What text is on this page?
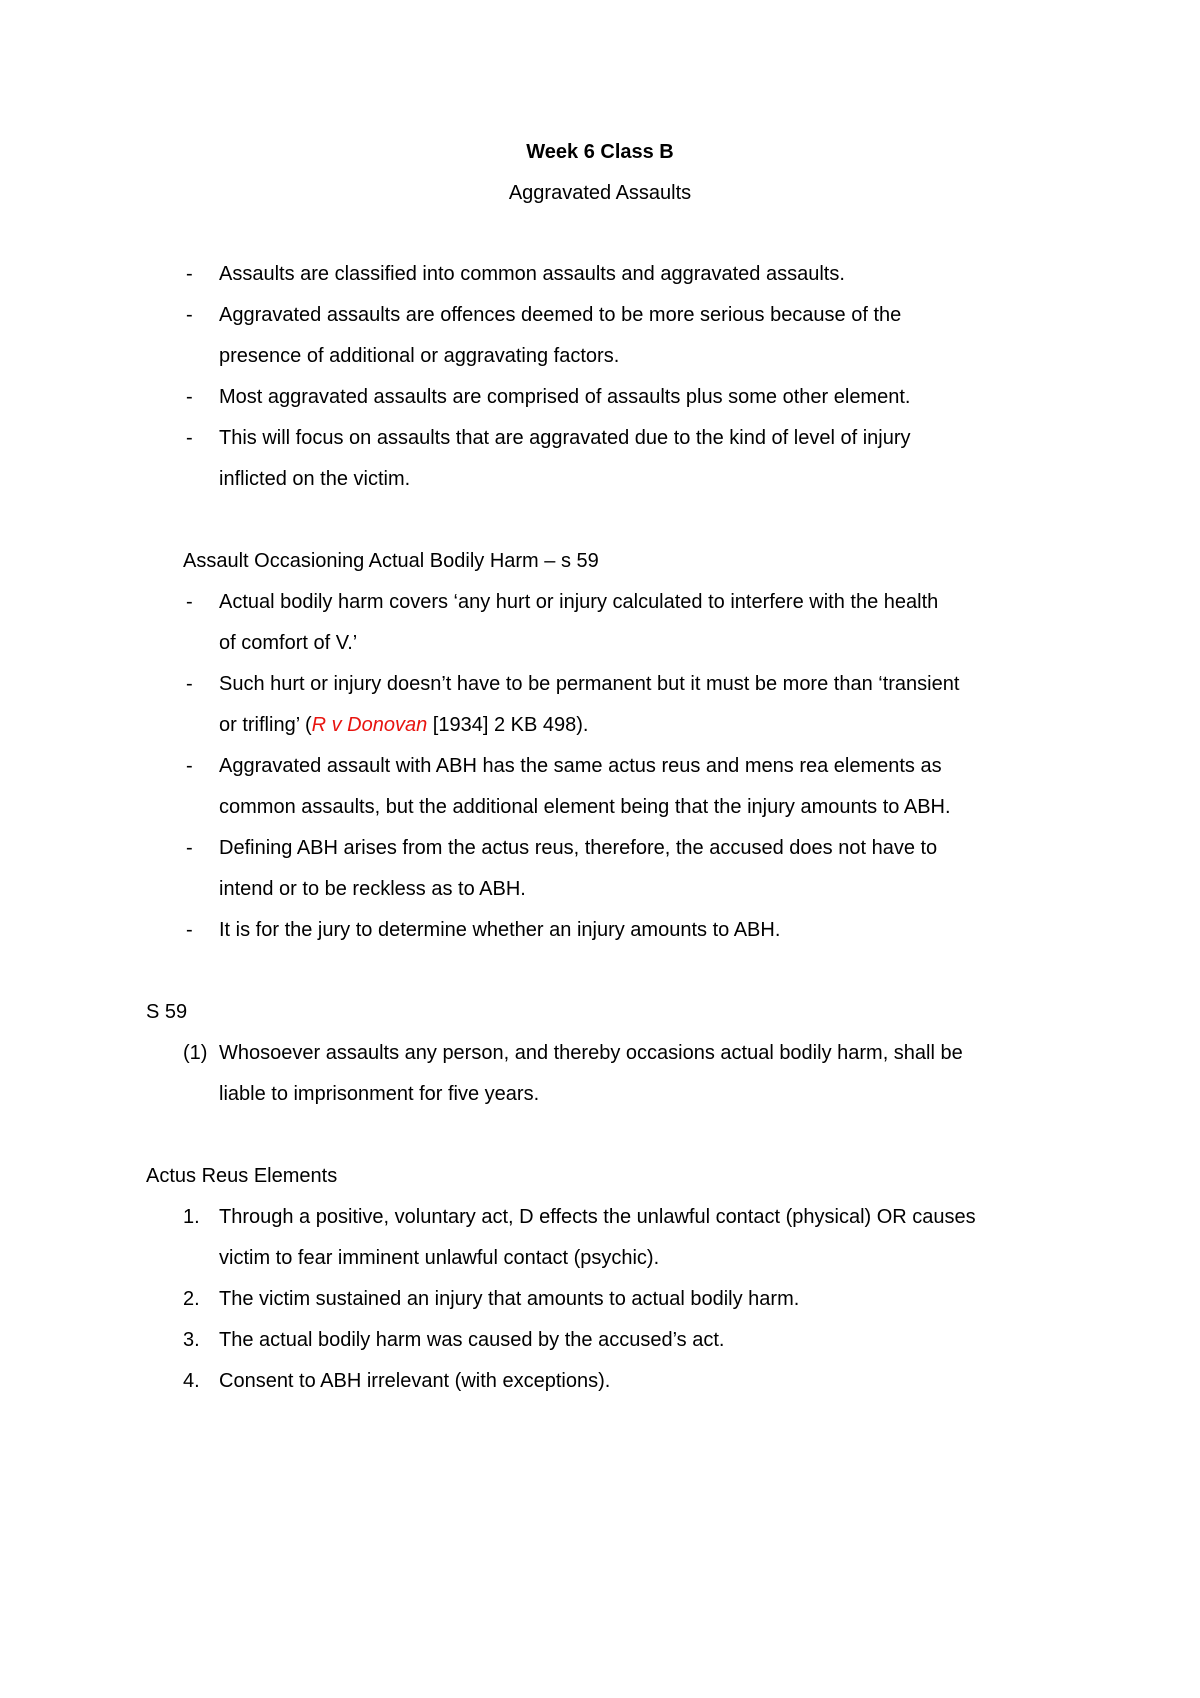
Week 6 Class B
Aggravated Assaults
- Assaults are classified into common assaults and aggravated assaults.
- Aggravated assaults are offences deemed to be more serious because of the
presence of additional or aggravating factors.
- Most aggravated assaults are comprised of assaults plus some other element.
- This will focus on assaults that are aggravated due to the kind of level of injury
inflicted on the victim.
Assault Occasioning Actual Bodily Harm – s 59
- Actual bodily harm covers ‘any hurt or injury calculated to interfere with the health
of comfort of V.’
- Such hurt or injury doesn’t have to be permanent but it must be more than ‘transient
or trifling’ (R v Donovan [1934] 2 KB 498).
- Aggravated assault with ABH has the same actus reus and mens rea elements as
common assaults, but the additional element being that the injury amounts to ABH.
- Defining ABH arises from the actus reus, therefore, the accused does not have to
intend or to be reckless as to ABH.
- It is for the jury to determine whether an injury amounts to ABH.
S 59
(1) Whosoever assaults any person, and thereby occasions actual bodily harm, shall be
liable to imprisonment for five years.
Actus Reus Elements
1. Through a positive, voluntary act, D effects the unlawful contact (physical) OR causes
victim to fear imminent unlawful contact (psychic).
2. The victim sustained an injury that amounts to actual bodily harm.
3. The actual bodily harm was caused by the accused’s act.
4. Consent to ABH irrelevant (with exceptions).
